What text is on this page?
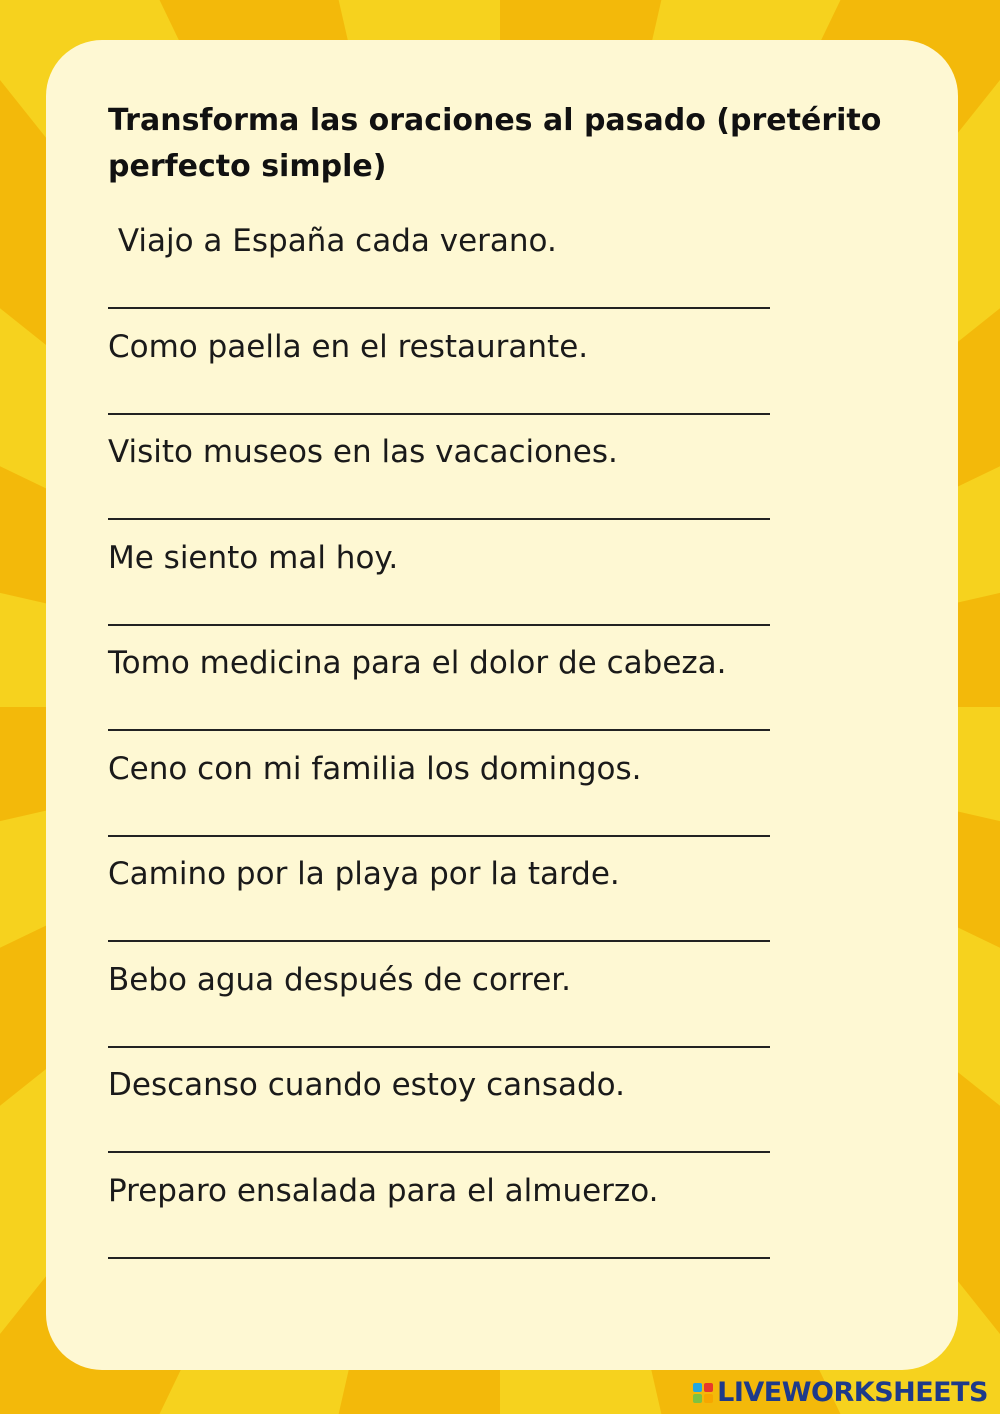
Transforma las oraciones al pasado (pretérito perfecto simple)
Viajo a España cada verano.
Como paella en el restaurante.
Visito museos en las vacaciones.
Me siento mal hoy.
Tomo medicina para el dolor de cabeza.
Ceno con mi familia los domingos.
Camino por la playa por la tarde.
Bebo agua después de correr.
Descanso cuando estoy cansado.
Preparo ensalada para el almuerzo.
LIVEWORKSHEETS
